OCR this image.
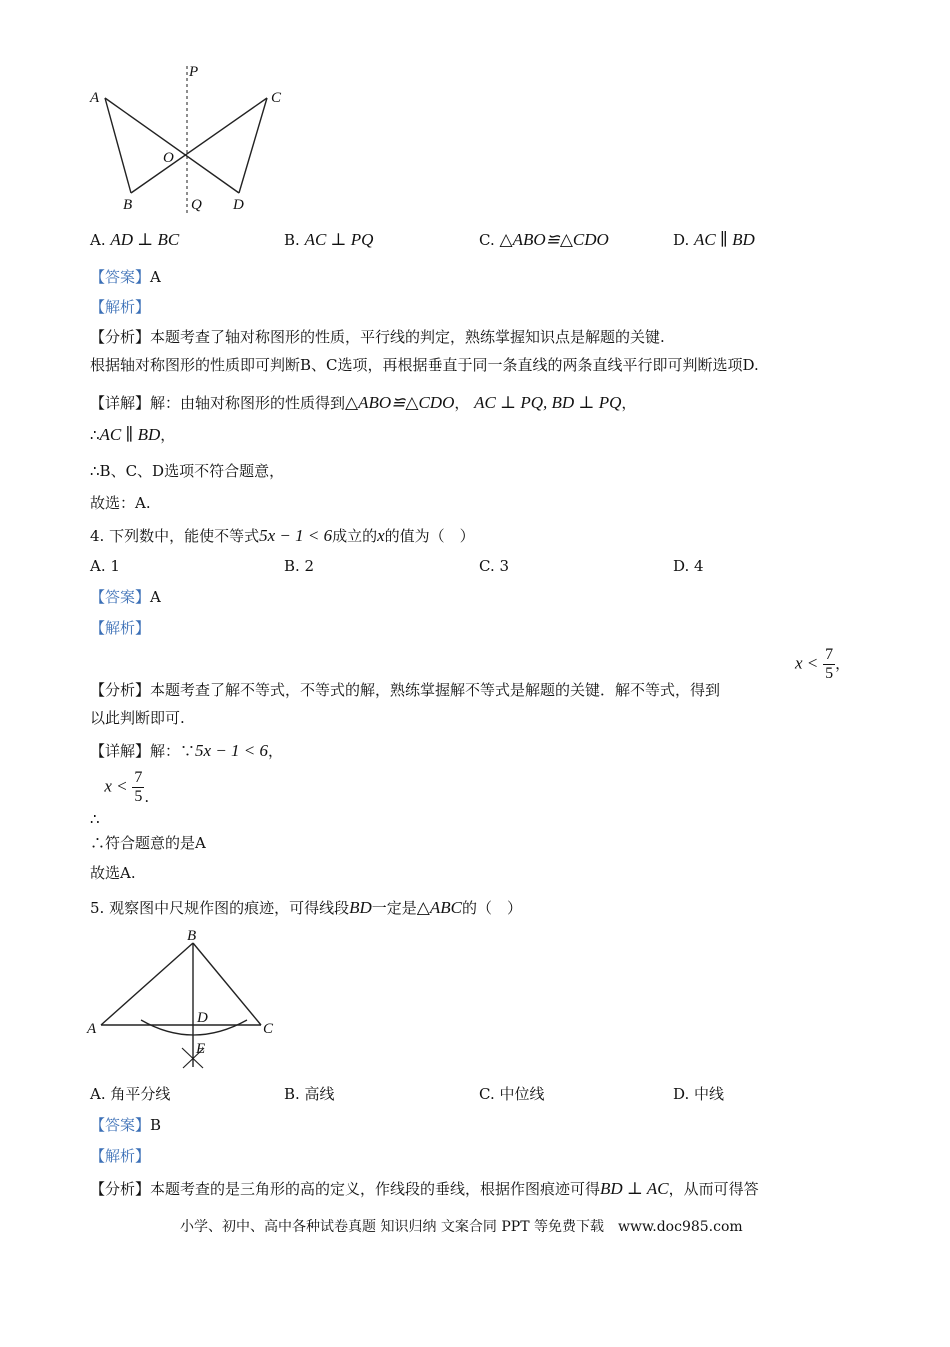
P
A	C
O
B	Q D
A. AD ⊥ BC	B. AC ⊥ PQ	C. △ABO≌△CDO	D. AC ∥ BD
【答案】A
【解析】
【分析】本题考查了轴对称图形的性质，平行线的判定，熟练掌握知识点是解题的关键.
根据轴对称图形的性质即可判断B、C选项，再根据垂直于同一条直线的两条直线平行即可判断选项D.
【详解】解：由轴对称图形的性质得到△ABO≌△CDO， AC ⊥ PQ, BD ⊥ PQ，
∴AC ∥ BD，
∴B、C、D选项不符合题意，
故选：A.
4. 下列数中，能使不等式5x − 1 < 6成立的x的值为（　）
A. 1	B. 2	C. 3	D. 4
【答案】A
【解析】
【分析】本题考查了解不等式，不等式的解，熟练掌握解不等式是解题的关键．解不等式，得到
$x < \frac{7}{5}$ ，
以此判断即可.
【详解】解：∵5x − 1 < 6，
∴ $x < \frac{7}{5}$ .
∴符合题意的是A
故选A.
5. 观察图中尺规作图的痕迹，可得线段BD一定是△ABC的（　）
B
A
D
C
E
A. 角平分线	B. 高线	C. 中位线	D. 中线
【答案】B
【解析】
【分析】本题考查的是三角形的高的定义，作线段的垂线，根据作图痕迹可得BD ⊥ AC，从而可得答
小学、初中、高中各种试卷真题 知识归纳 文案合同 PPT 等免费下载　www.doc985.com
